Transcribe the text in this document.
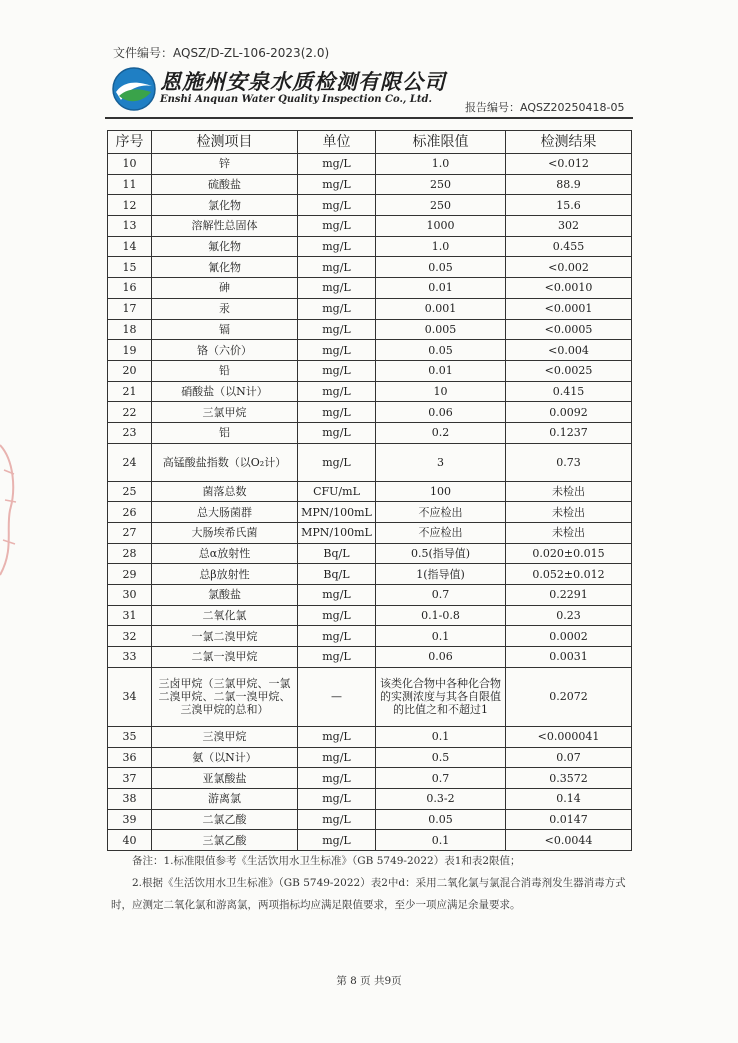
文件编号：AQSZ/D-ZL-106-2023(2.0)
恩施州安泉水质检测有限公司
Enshi Anquan Water Quality Inspection Co., Ltd.
报告编号：AQSZ20250418-05
序号	检测项目	单位	标准限值	检测结果
10	锌	mg/L	1.0	<0.012
11	硫酸盐	mg/L	250	88.9
12	氯化物	mg/L	250	15.6
13	溶解性总固体	mg/L	1000	302
14	氟化物	mg/L	1.0	0.455
15	氰化物	mg/L	0.05	<0.002
16	砷	mg/L	0.01	<0.0010
17	汞	mg/L	0.001	<0.0001
18	镉	mg/L	0.005	<0.0005
19	铬（六价）	mg/L	0.05	<0.004
20	铅	mg/L	0.01	<0.0025
21	硝酸盐（以N计）	mg/L	10	0.415
22	三氯甲烷	mg/L	0.06	0.0092
23	铝	mg/L	0.2	0.1237
24	高锰酸盐指数（以O₂计）	mg/L	3	0.73
25	菌落总数	CFU/mL	100	未检出
26	总大肠菌群	MPN/100mL	不应检出	未检出
27	大肠埃希氏菌	MPN/100mL	不应检出	未检出
28	总α放射性	Bq/L	0.5(指导值)	0.020±0.015
29	总β放射性	Bq/L	1(指导值)	0.052±0.012
30	氯酸盐	mg/L	0.7	0.2291
31	二氧化氯	mg/L	0.1-0.8	0.23
32	一氯二溴甲烷	mg/L	0.1	0.0002
33	二氯一溴甲烷	mg/L	0.06	0.0031
34	三卤甲烷（三氯甲烷、一氯二溴甲烷、二氯一溴甲烷、三溴甲烷的总和）	—	该类化合物中各种化合物的实测浓度与其各自限值的比值之和不超过1	0.2072
35	三溴甲烷	mg/L	0.1	<0.000041
36	氨（以N计）	mg/L	0.5	0.07
37	亚氯酸盐	mg/L	0.7	0.3572
38	游离氯	mg/L	0.3-2	0.14
39	二氯乙酸	mg/L	0.05	0.0147
40	三氯乙酸	mg/L	0.1	<0.0044

备注：1.标准限值参考《生活饮用水卫生标准》（GB 5749-2022）表1和表2限值；

2.根据《生活饮用水卫生标准》（GB 5749-2022）表2中d：采用二氧化氯与氯混合消毒剂发生器消毒方式时，应测定二氧化氯和游离氯，两项指标均应满足限值要求，至少一项应满足余量要求。

第 8 页 共9页
